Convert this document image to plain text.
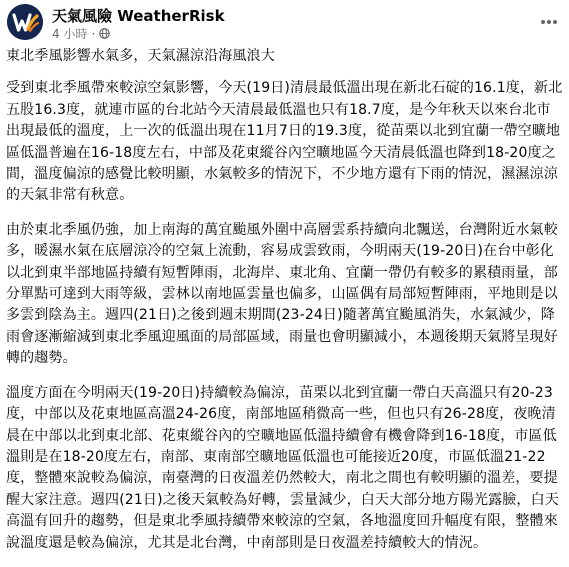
天氣風險 WeatherRisk
4 小時 ·

東北季風影響水氣多，天氣濕涼沿海風浪大

受到東北季風帶來較涼空氣影響，今天(19日)清晨最低溫出現在新北石碇的16.1度，新北五股16.3度，就連市區的台北站今天清晨最低溫也只有18.7度，是今年秋天以來台北市出現最低的溫度，上一次的低溫出現在11月7日的19.3度，從苗栗以北到宜蘭一帶空曠地區低溫普遍在16-18度左右，中部及花東縱谷內空曠地區今天清晨低溫也降到18-20度之間，溫度偏涼的感覺比較明顯，水氣較多的情況下，不少地方還有下雨的情況，濕濕涼涼的天氣非常有秋意。

由於東北季風仍強，加上南海的萬宜颱風外圍中高層雲系持續向北飄送，台灣附近水氣較多，暖濕水氣在底層涼冷的空氣上流動，容易成雲致雨，今明兩天(19-20日)在台中彰化以北到東半部地區持續有短暫陣雨，北海岸、東北角、宜蘭一帶仍有較多的累積雨量，部分單點可達到大雨等級，雲林以南地區雲量也偏多，山區偶有局部短暫陣雨，平地則是以多雲到陰為主。週四(21日)之後到週末期間(23-24日)隨著萬宜颱風消失，水氣減少，降雨會逐漸縮減到東北季風迎風面的局部區域，雨量也會明顯減小，本週後期天氣將呈現好轉的趨勢。

溫度方面在今明兩天(19-20日)持續較為偏涼，苗栗以北到宜蘭一帶白天高溫只有20-23度，中部以及花東地區高溫24-26度，南部地區稍微高一些，但也只有26-28度，夜晚清晨在中部以北到東北部、花東縱谷內的空曠地區低溫持續會有機會降到16-18度，市區低溫則是在18-20度左右，南部、東南部空曠地區低溫也可能接近20度，市區低溫21-22度，整體來說較為偏涼，南臺灣的日夜溫差仍然較大，南北之間也有較明顯的溫差，要提醒大家注意。週四(21日)之後天氣較為好轉，雲量減少，白天大部分地方陽光露臉，白天高溫有回升的趨勢，但是東北季風持續帶來較涼的空氣，各地溫度回升幅度有限，整體來說溫度還是較為偏涼，尤其是北台灣，中南部則是日夜溫差持續較大的情況。
